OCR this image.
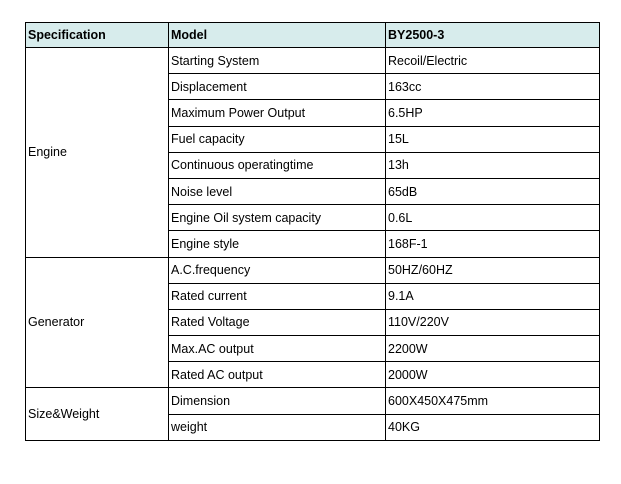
Specification	Model	BY2500-3
Engine	Starting System	Recoil/Electric
	Displacement	163cc
	Maximum Power Output	6.5HP
	Fuel capacity	15L
	Continuous operatingtime	13h
	Noise level	65dB
	Engine Oil system capacity	0.6L
	Engine style	168F-1
Generator	A.C.frequency	50HZ/60HZ
	Rated current	9.1A
	Rated Voltage	110V/220V
	Max.AC output	2200W
	Rated AC output	2000W
Size&Weight	Dimension	600X450X475mm
	weight	40KG
